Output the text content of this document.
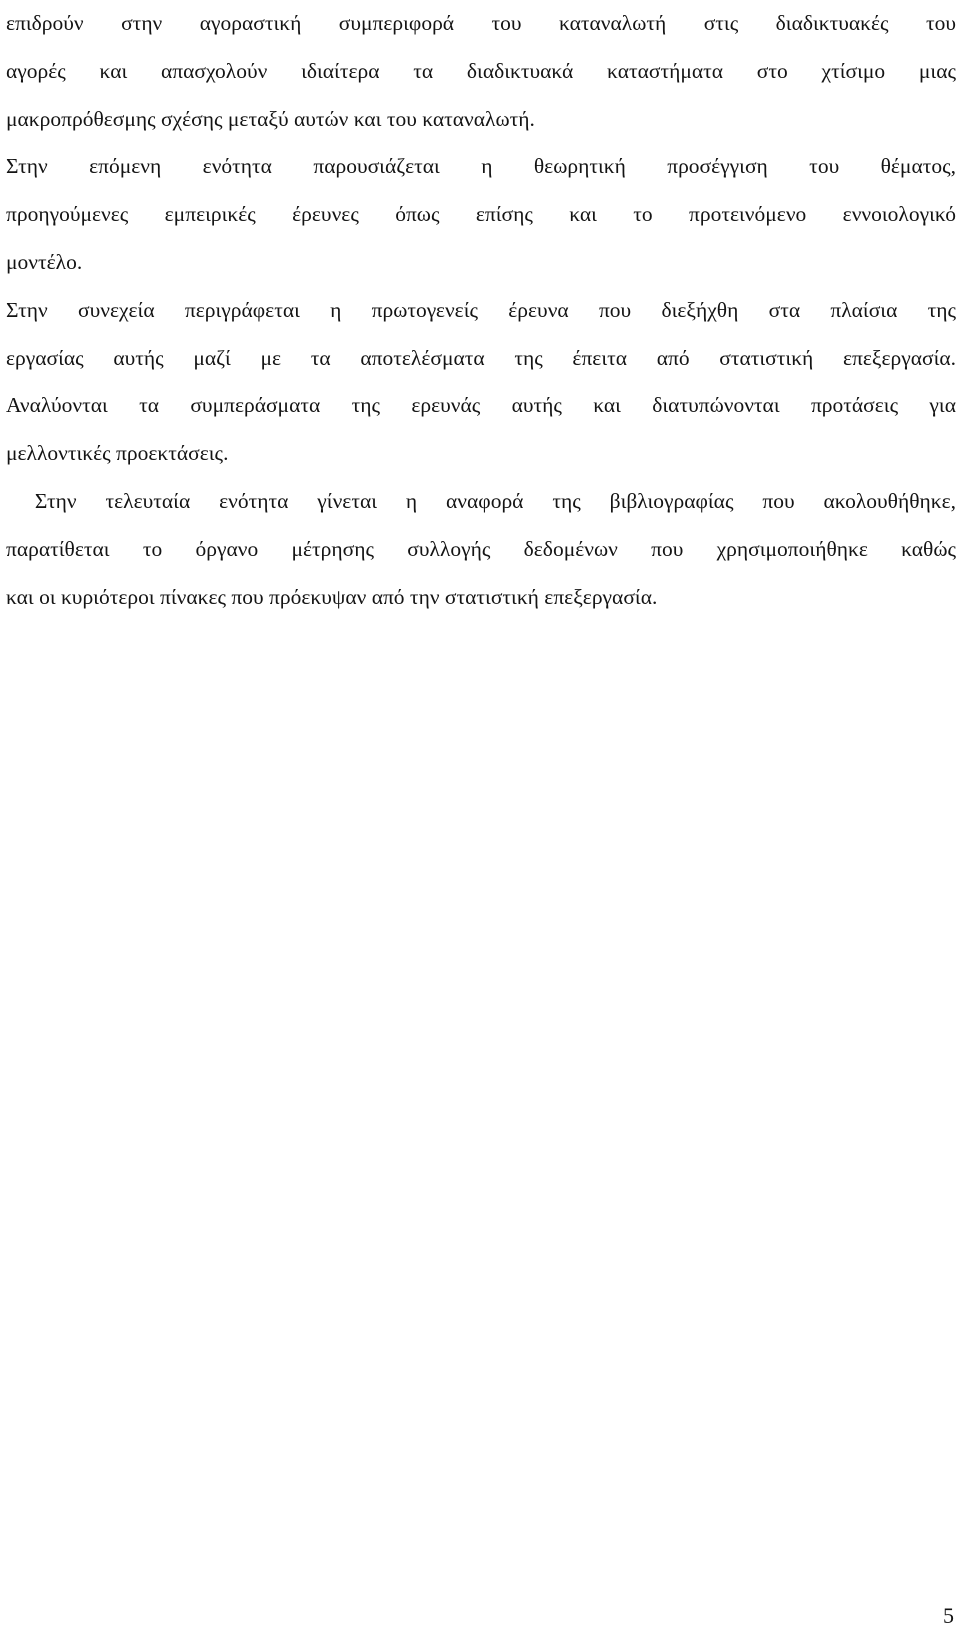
επιδρούν στην αγοραστική συμπεριφορά του καταναλωτή στις διαδικτυακές του
αγορές και απασχολούν ιδιαίτερα τα διαδικτυακά καταστήματα στο χτίσιμο μιας
μακροπρόθεσμης σχέσης μεταξύ αυτών και του καταναλωτή.
Στην επόμενη ενότητα παρουσιάζεται η θεωρητική προσέγγιση του θέματος,
προηγούμενες εμπειρικές έρευνες όπως επίσης και το προτεινόμενο εννοιολογικό
μοντέλο.
Στην συνεχεία περιγράφεται η πρωτογενείς έρευνα που διεξήχθη στα πλαίσια της
εργασίας αυτής μαζί με τα αποτελέσματα της έπειτα από στατιστική επεξεργασία.
Αναλύονται τα συμπεράσματα της ερευνάς αυτής και διατυπώνονται προτάσεις για
μελλοντικές προεκτάσεις.
Στην τελευταία ενότητα γίνεται η αναφορά της βιβλιογραφίας που ακολουθήθηκε,
παρατίθεται το όργανο μέτρησης συλλογής δεδομένων που χρησιμοποιήθηκε καθώς
και οι κυριότεροι πίνακες που πρόεκυψαν από την στατιστική επεξεργασία.
5
